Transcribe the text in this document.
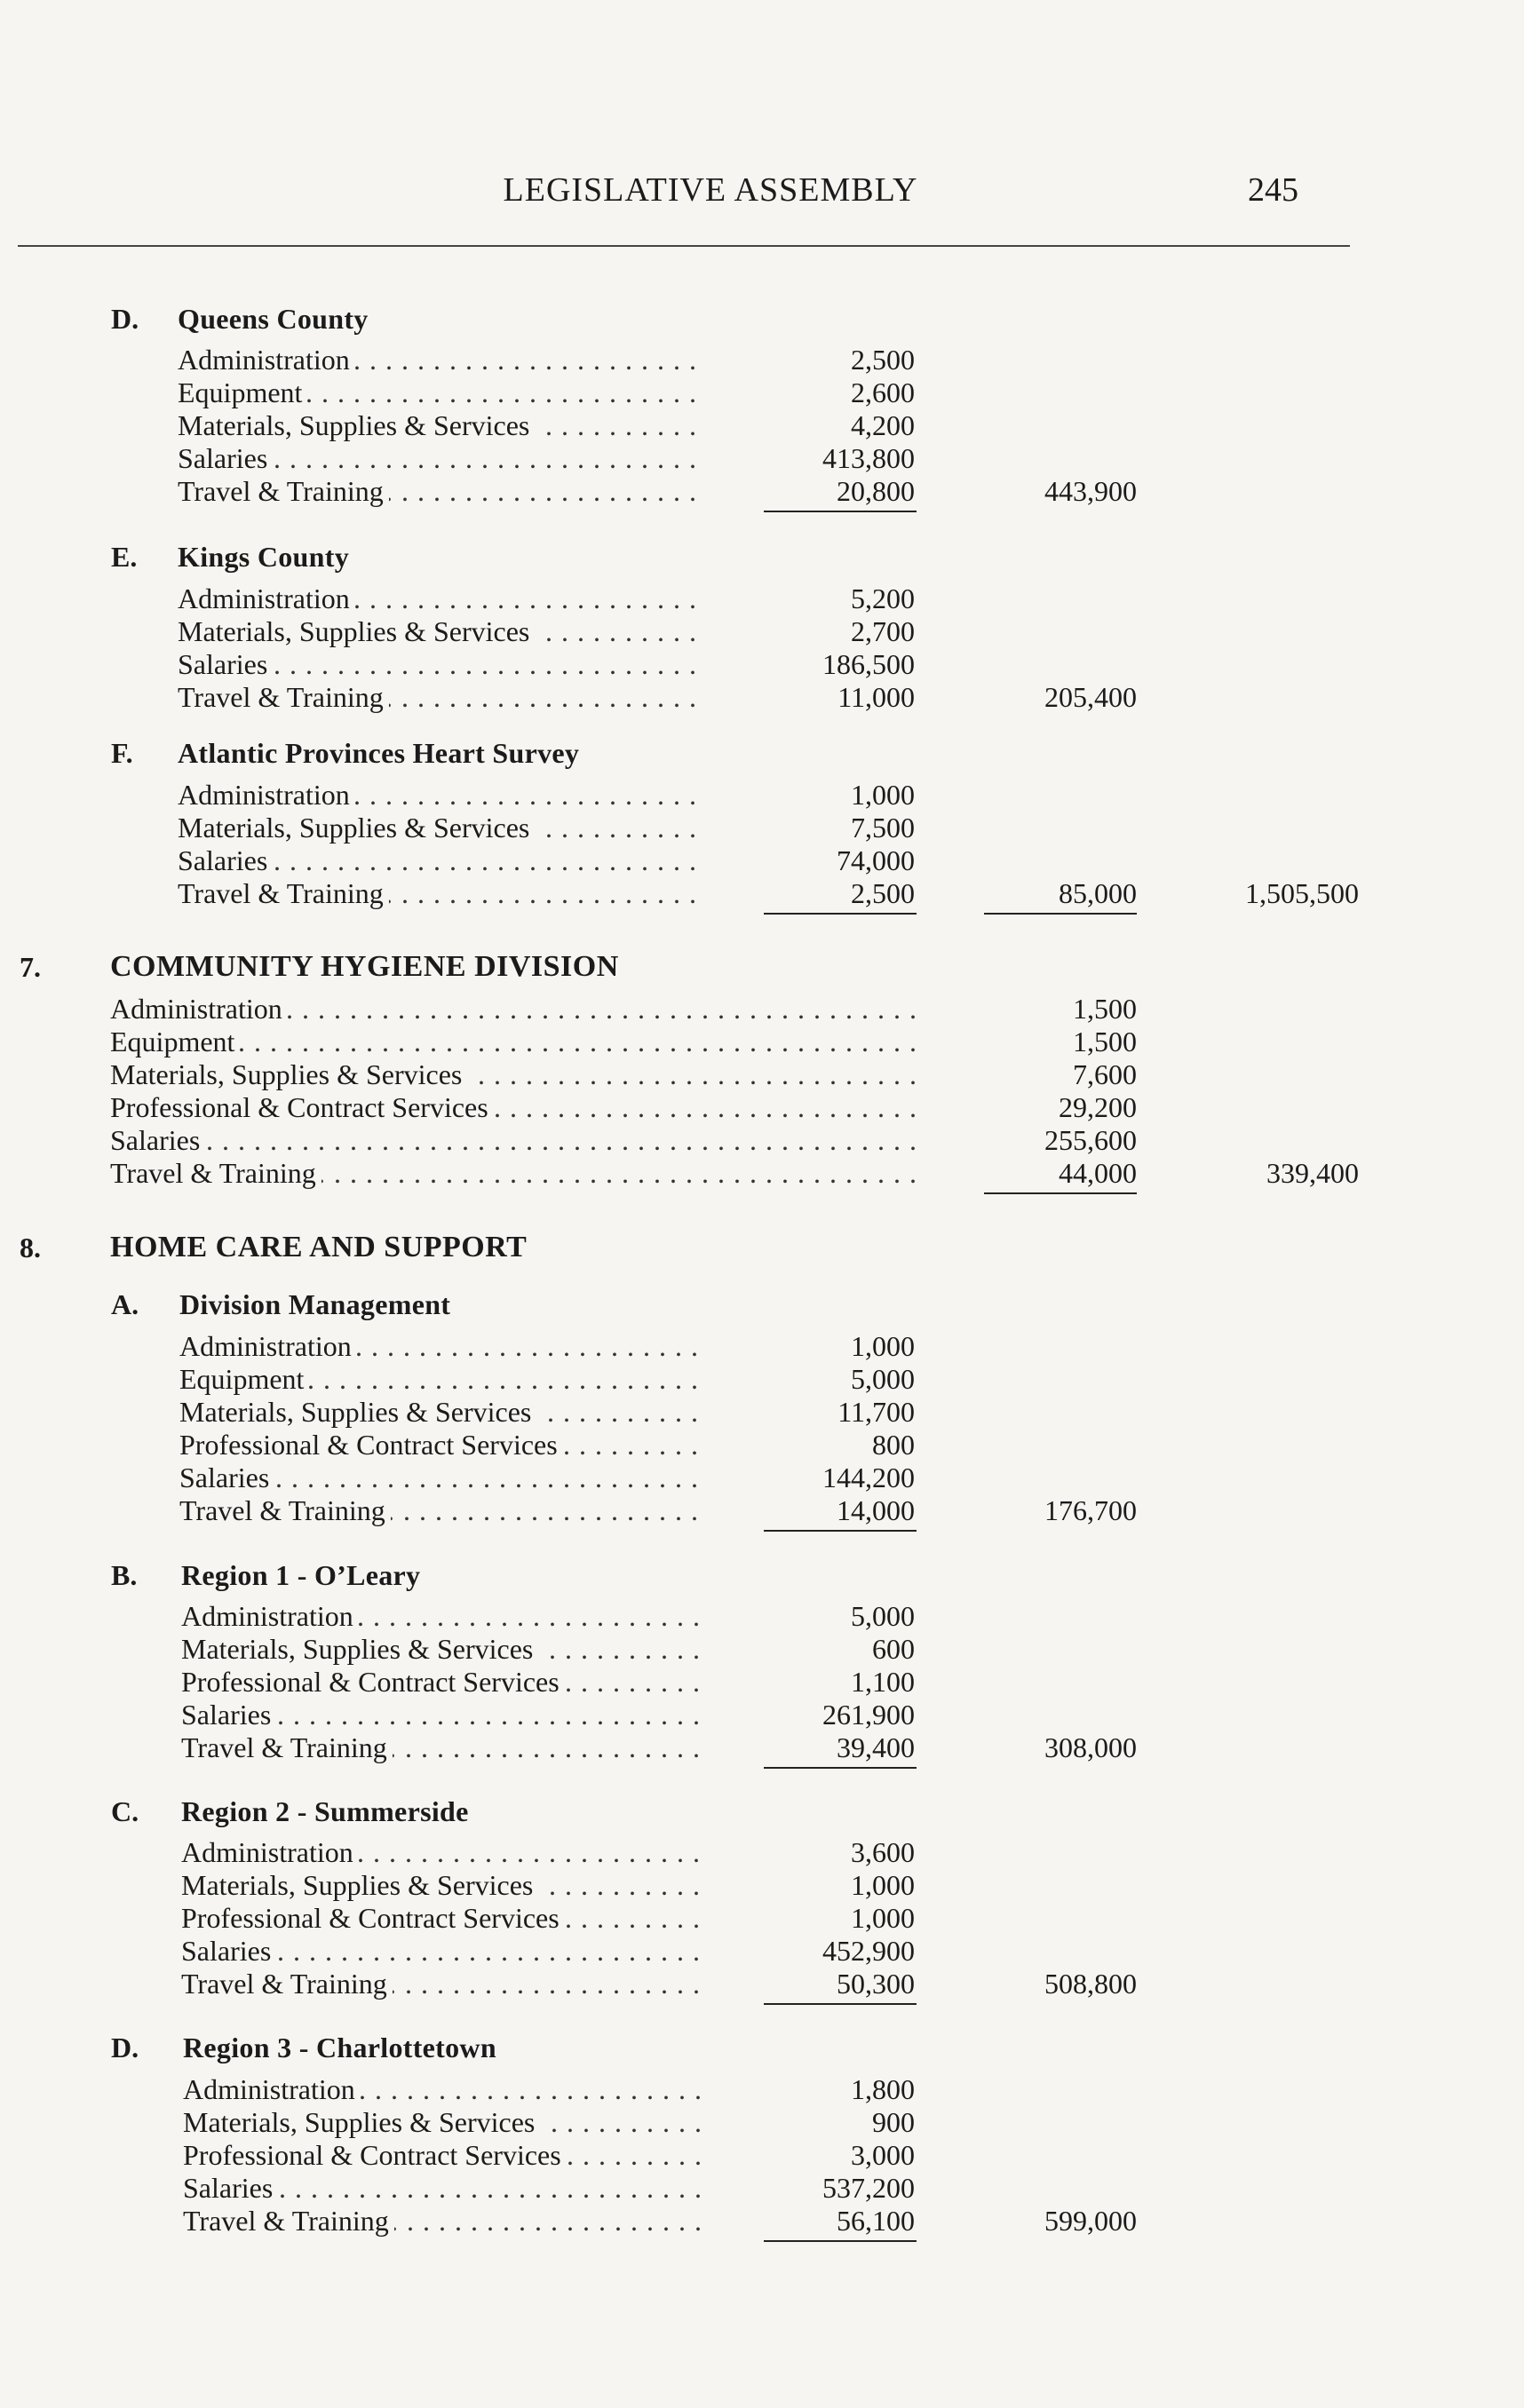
LEGISLATIVE ASSEMBLY	245
D. Queens County
Administration . . .	2,500
Equipment . . .	2,600
Materials, Supplies & Services . . .	4,200
Salaries . . .	413,800
Travel & Training . . .	20,800	443,900
E. Kings County
Administration . . .	5,200
Materials, Supplies & Services . . .	2,700
Salaries . . .	186,500
Travel & Training . . .	11,000	205,400
F. Atlantic Provinces Heart Survey
Administration . . .	1,000
Materials, Supplies & Services . . .	7,500
Salaries . . .	74,000
Travel & Training . . .	2,500	85,000	1,505,500
7. COMMUNITY HYGIENE DIVISION
Administration . . .	1,500
Equipment . . .	1,500
Materials, Supplies & Services . . .	7,600
Professional & Contract Services . . .	29,200
Salaries . . .	255,600
Travel & Training . . .	44,000	339,400
8. HOME CARE AND SUPPORT
A. Division Management
Administration . . .	1,000
Equipment . . .	5,000
Materials, Supplies & Services . . .	11,700
Professional & Contract Services . . .	800
Salaries . . .	144,200
Travel & Training . . .	14,000	176,700
B. Region 1 - O’Leary
Administration . . .	5,000
Materials, Supplies & Services . . .	600
Professional & Contract Services . . .	1,100
Salaries . . .	261,900
Travel & Training . . .	39,400	308,000
C. Region 2 - Summerside
Administration . . .	3,600
Materials, Supplies & Services . . .	1,000
Professional & Contract Services . . .	1,000
Salaries . . .	452,900
Travel & Training . . .	50,300	508,800
D. Region 3 - Charlottetown
Administration . . .	1,800
Materials, Supplies & Services . . .	900
Professional & Contract Services . . .	3,000
Salaries . . .	537,200
Travel & Training . . .	56,100	599,000
